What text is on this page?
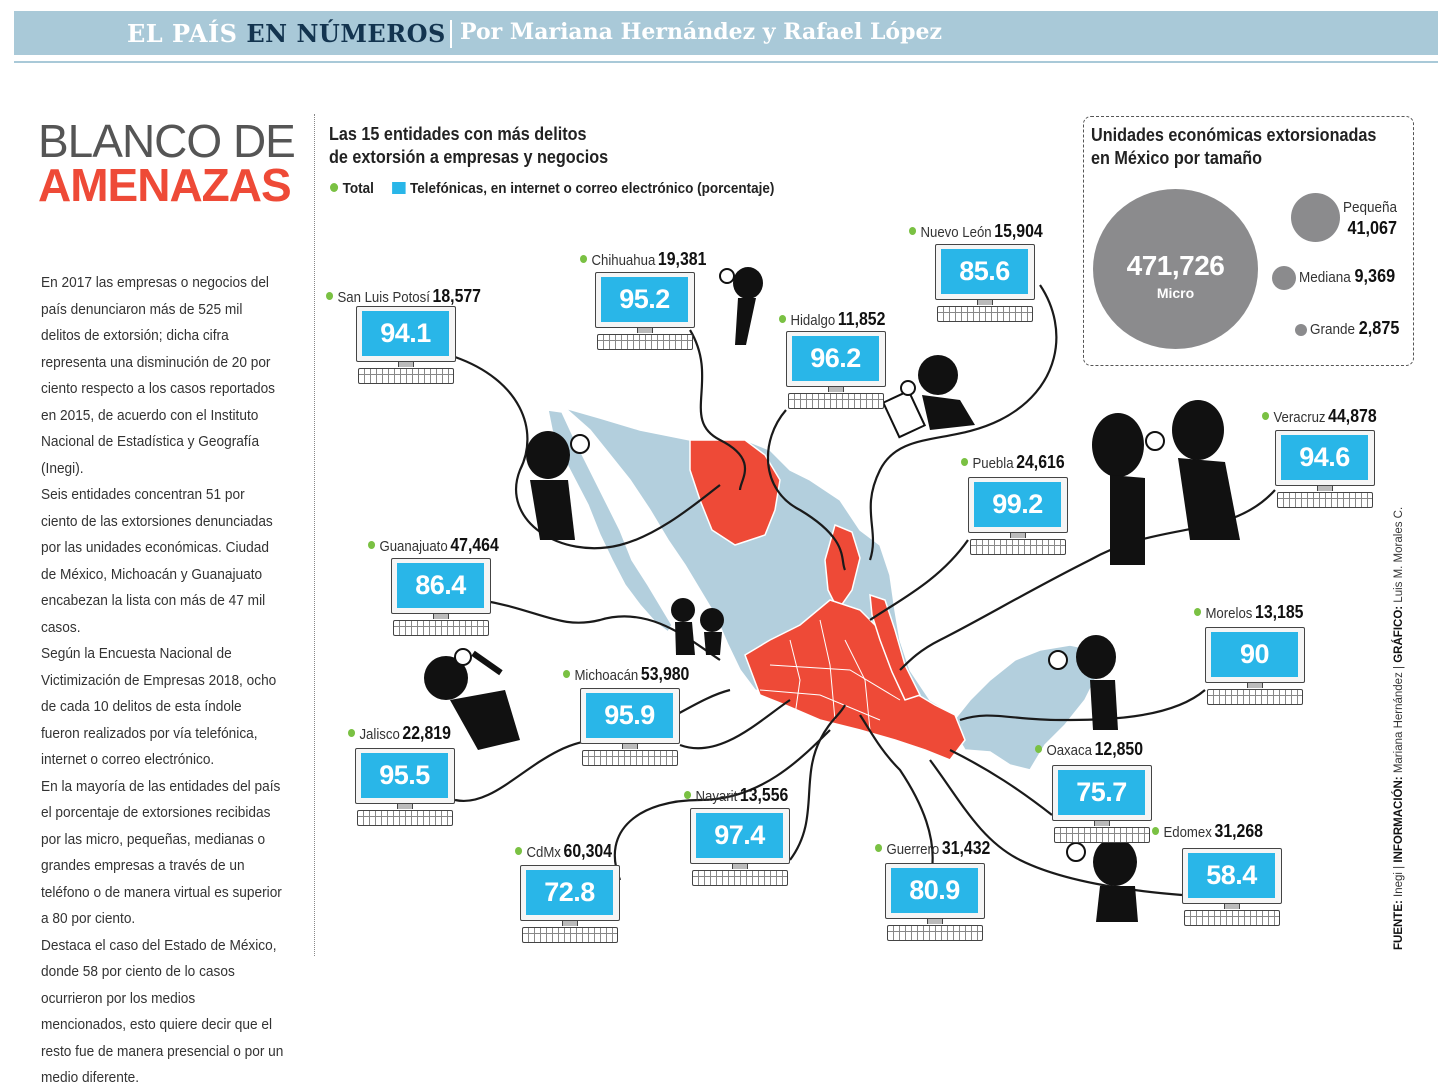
EL PAÍS EN NÚMEROS Por Mariana Hernández y Rafael López
BLANCO DE
AMENAZAS

En 2017 las empresas o negocios del país denunciaron más de 525 mil delitos de extorsión; dicha cifra representa una disminución de 20 por ciento respecto a los casos reportados en 2015, de acuerdo con el Instituto Nacional de Estadística y Geografía (Inegi).

Seis entidades concentran 51 por ciento de las extorsiones denunciadas por las unidades económicas. Ciudad de México, Michoacán y Guanajuato encabezan la lista con más de 47 mil casos.

Según la Encuesta Nacional de Victimización de Empresas 2018, ocho de cada 10 delitos de esta índole fueron realizados por vía telefónica, internet o correo electrónico.

En la mayoría de las entidades del país el porcentaje de extorsiones recibidas por las micro, pequeñas, medianas o grandes empresas a través de un teléfono o de manera virtual es superior a 80 por ciento.

Destaca el caso del Estado de México, donde 58 por ciento de lo casos ocurrieron por los medios mencionados, esto quiere decir que el resto fue de manera presencial o por un medio diferente.

Las 15 entidades con más delitos
de extorsión a empresas y negocios
Total Telefónicas, en internet o correo electrónico (porcentaje)
San Luis Potosí 18,577
94.1
Chihuahua 19,381
95.2
Hidalgo 11,852
96.2
Nuevo León 15,904
85.6
Puebla 24,616
99.2
Veracruz 44,878
94.6
Guanajuato 47,464
86.4
Michoacán 53,980
95.9
Morelos 13,185
90
Jalisco 22,819
95.5
Oaxaca 12,850
75.7
Nayarit 13,556
97.4	Edomex 31,268
58.4
CdMx 60,304
72.8
Guerrero 31,432
80.9
Unidades económicas extorsionadas
en México por tamaño
471,726
Micro
Pequeña
41,067
Mediana 9,369
Grande 2,875
FUENTE: Inegi | INFORMACIÓN: Mariana Hernández | GRÁFICO: Luis M. Morales C.
